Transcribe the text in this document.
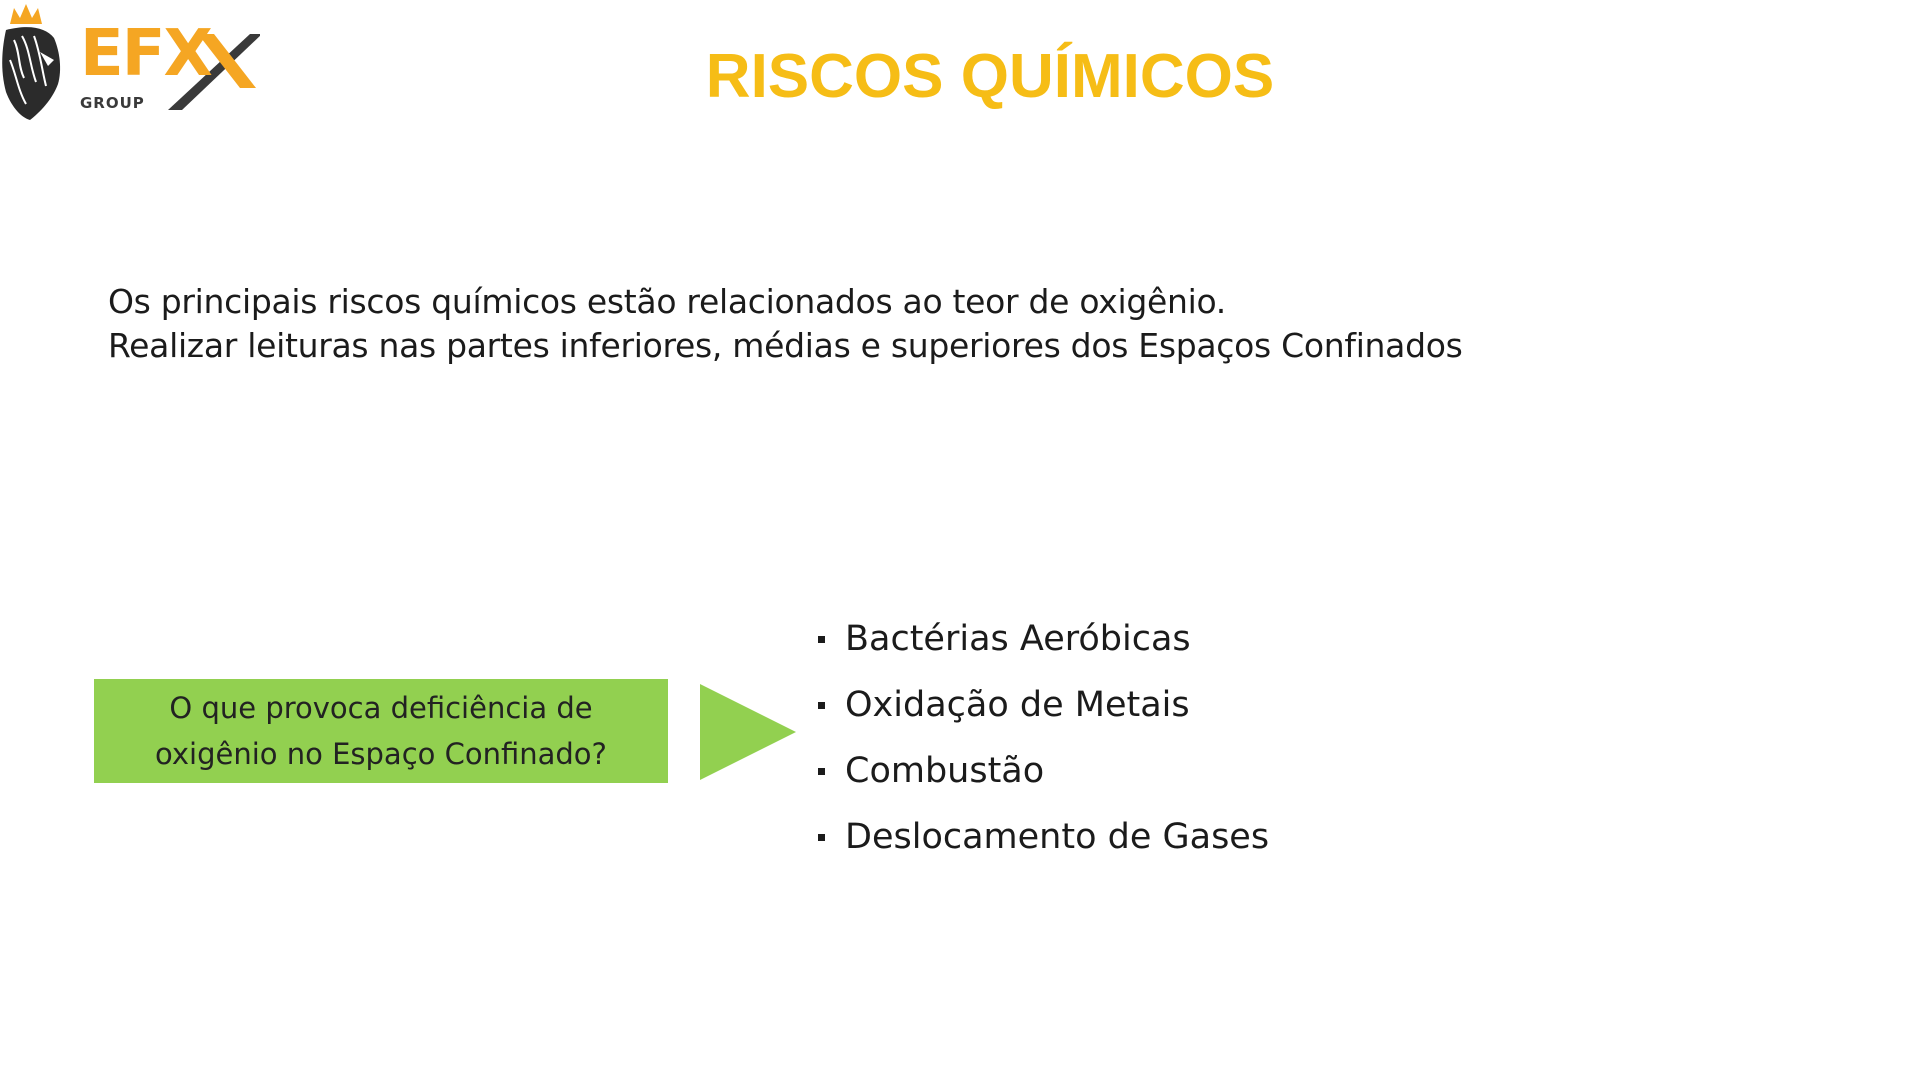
EFX
GROUP	RISCOS QUÍMICOS

Os principais riscos químicos estão relacionados ao teor de oxigênio.

Realizar leituras nas partes inferiores, médias e superiores dos Espaços Confinados

O que provoca deficiência de oxigênio no Espaço Confinado?
Bactérias Aeróbicas
Oxidação de Metais
Combustão
Deslocamento de Gases
